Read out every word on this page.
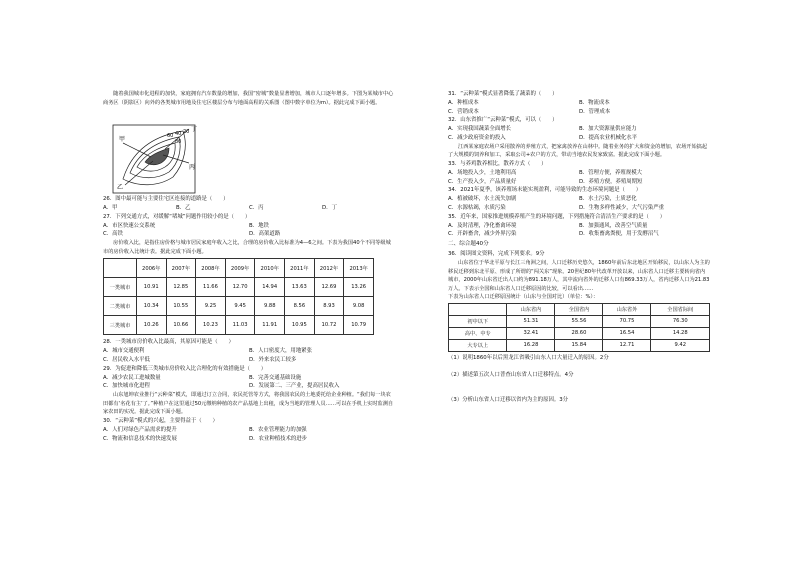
随着我国城市化进程的加快，家庭拥有汽车数量的增加，我国“密城”数量显著增加，城市人口逐年增多。下图为某城市中心商务区（阴影区）向外的各类城市用地及住宅区楼层分布与地面高程的关系图（图中数字单位为m）。据此完成下面小题。

甲
乙
丙
丁
80
60 40 20

26．图中最可能与主要住宅区连接的道路是（　　）

A．甲	B．乙	C．丙	D．丁

27．下列交通方式，对缓解“堵城”问题作用较小的是（　　）

A．市区快速公交系统	B．地铁
C．高铁	D．高架道路

房价收入比，是指住房价格与城市居民家庭年收入之比，合理的房价收入比标准为4—6之间。下表为我国40个不同等级城市的房价收入比统计表。据此完成下面小题。

	2006年	2007年	2008年	2009年	2010年	2011年	2012年	2013年
一类城市	10.91	12.85	11.66	12.70	14.94	13.63	12.69	13.26
二类城市	10.34	10.55	9.25	9.45	9.88	8.56	8.93	9.08
三类城市	10.26	10.66	10.23	11.03	11.91	10.95	10.72	10.79

28．一类城市房价收入比最高，其原因可能是（　　）

A．城市交通便利	B．人口密度大，用地紧张
C．居民收入水平低	D．外来农民工较多

29．为促进和降低三类城市房价收入比合理化的有效措施是（　　）

A．减少农民工进城数量	B．完善交通基础设施
C．加快城市化进程	D．发展第二、三产业，提高居民收入

山东旭坤农业推行“云种菜”模式，即通过订立合同，农民托管等方式，将我国农民的土地委托给企业种植。“我们每一块农田都有‘名花有主’了。”种植户在这里通过50元缴纳种植的农产品基地上出租，成为当地的管理人员……可以在手机上实时监测自家农田的实况。据此完成下面小题。

30．“云种菜”模式的兴起，主要得益于（　　）

A．人们对绿色产品需求的提升	B．农业管理能力的加强
C．物流和信息技术的快速发展	D．农业种植技术的进步

31．“云种菜”模式显著降低了蔬菜的（　　）

A．种植成本	B．物流成本
C．营销成本	D．管理成本

32．山东省推广“云种菜”模式，可以（　　）

A．实现我国蔬菜全面增长	B．加大资源量供应能力
C．减少政府资金的投入	D．提高农业机械化水平

江西某家庭农场户采用散养的养殖方式，把家禽放养在山林中。随着业务的扩大和资金的增加，农场开始搞起了大规模的饲养和加工，采取公司+农户的方式，带动当地农民发家致富。据此完成下面小题。

33．与养鸡散养相比，散养方式（　　）

A．场地投入少，土地利用高	B．管理方便，养殖规模大
C．生产投入少，产品质量好	D．养殖方便，养殖周期短

34．2021年夏季，该养殖场未能实现盈利，可能导致的生态环境问题是（　　）

A．植被破坏，水土流失加剧	B．水土污染，土质恶化
C．水源枯竭，水质污染	D．生物多样性减少，大气污染严重

35．近年来，国家推进规模养殖产生的环境问题，下列措施符合清洁生产要求的是（　　）

A．及时清理，净化畜禽环境	B．加强通风，改善空气质量
C．开辟畜舍，减少外界污染	D．收集畜禽粪便，用于发酵沼气

二、综合题40分

36．阅读图文资料，完成下列要求。9分

山东省位于华北平原与长江三角洲之间，人口迁移历史悠久，1860年前后东北地区开始移民，以山东人为主的移民迁移到东北平原、形成了所谓的“闯关东”现象。20世纪80年代改革开放以来，山东省人口迁移主要转向省内城市，2000年山东省迁出人口约为891.18万人，其中流向省外的迁移人口有869.33万人，省内迁移人口为21.83万人。下表示全国和山东省人口迁移原因的比较，可以看出……

下表为山东省人口迁移原因统计（山东与全国对比）（单位：%）：

	山东省内	全国省内	山东省外	全国省际间
初中以下	51.31	55.56	70.75	76.30
高中、中专	32.41	28.60	16.54	14.28
大专以上	16.28	15.84	12.71	9.42

（1）说明1860年以后黑龙江省吸引山东人口大量迁入的原因。2分

（2）描述第五次人口普查山东省人口迁移特点。4分

（3）分析山东省人口迁移以省内为主的原因。3分
